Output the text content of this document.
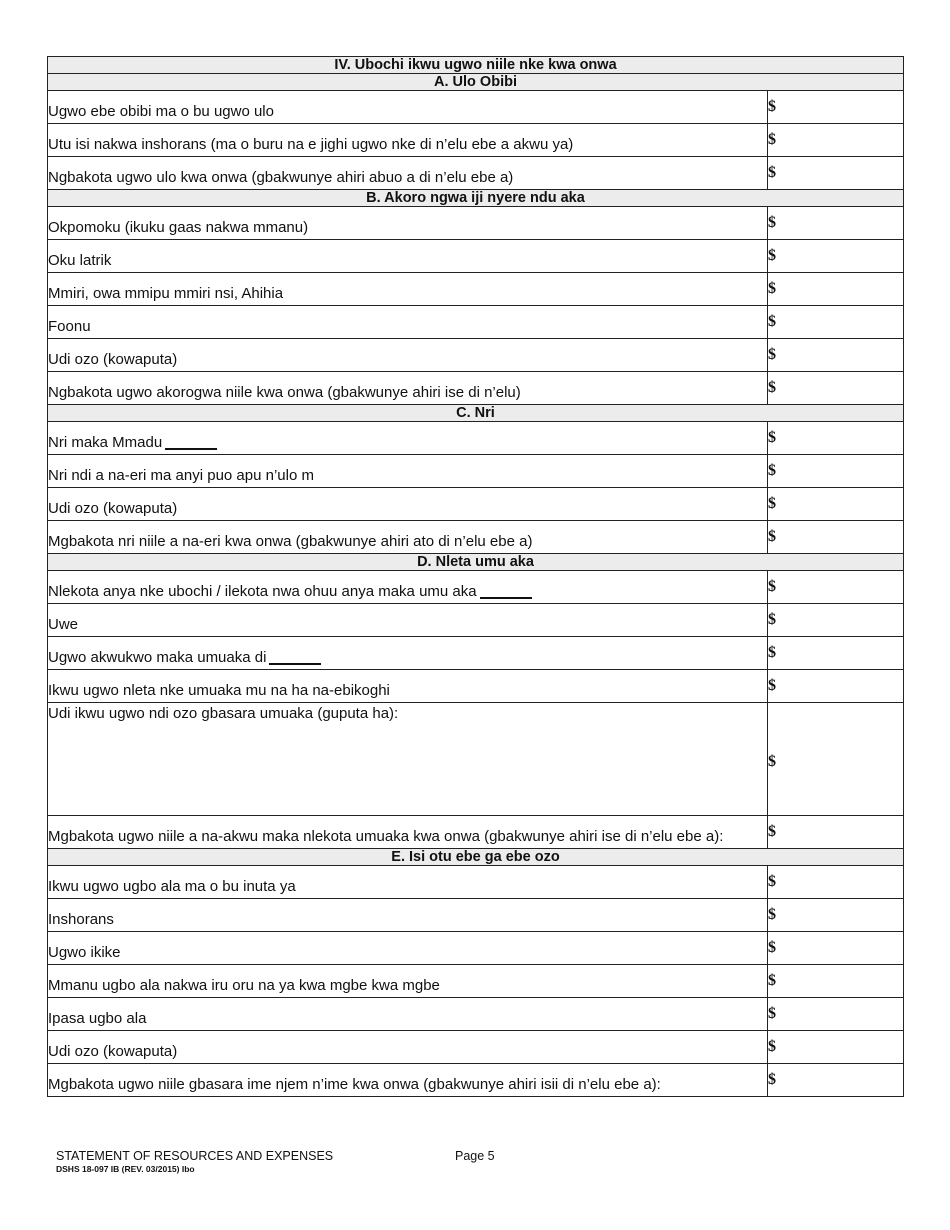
IV. Ubochi ikwu ugwo niile nke kwa onwa	
A. Ulo Obibi	
Ugwo ebe obibi ma o bu ugwo ulo	$
Utu isi nakwa inshorans (ma o buru na e jighi ugwo nke di n’elu ebe a akwu ya)	$
Ngbakota ugwo ulo kwa onwa (gbakwunye ahiri abuo a di n’elu ebe a)	$
B. Akoro ngwa iji nyere ndu aka	
Okpomoku (ikuku gaas nakwa mmanu)	$
Oku latrik	$
Mmiri, owa mmipu mmiri nsi, Ahihia	$
Foonu	$
Udi ozo (kowaputa)	$
Ngbakota ugwo akorogwa niile kwa onwa (gbakwunye ahiri ise di n’elu)	$
C. Nri	
Nri maka Mmadu	$
Nri ndi a na-eri ma anyi puo apu n’ulo m	$
Udi ozo (kowaputa)	$
Mgbakota nri niile a na-eri kwa onwa (gbakwunye ahiri ato di n’elu ebe a)	$
D. Nleta umu aka	
Nlekota anya nke ubochi / ilekota nwa ohuu anya maka umu aka	$
Uwe	$
Ugwo akwukwo maka umuaka di	$
Ikwu ugwo nleta nke umuaka mu na ha na-ebikoghi	$
Udi ikwu ugwo ndi ozo gbasara umuaka (guputa ha):	$
Mgbakota ugwo niile a na-akwu maka nlekota umuaka kwa onwa (gbakwunye ahiri ise di n’elu ebe a):	$
E. Isi otu ebe ga ebe ozo	
Ikwu ugwo ugbo ala ma o bu inuta ya	$
Inshorans	$
Ugwo ikike	$
Mmanu ugbo ala nakwa iru oru na ya kwa mgbe kwa mgbe	$
Ipasa ugbo ala	$
Udi ozo (kowaputa)	$
Mgbakota ugwo niile gbasara ime njem n’ime kwa onwa (gbakwunye ahiri isii di n’elu ebe a):	$
STATEMENT OF RESOURCES AND EXPENSES
DSHS 18-097 IB (REV. 03/2015) Ibo
Page 5
